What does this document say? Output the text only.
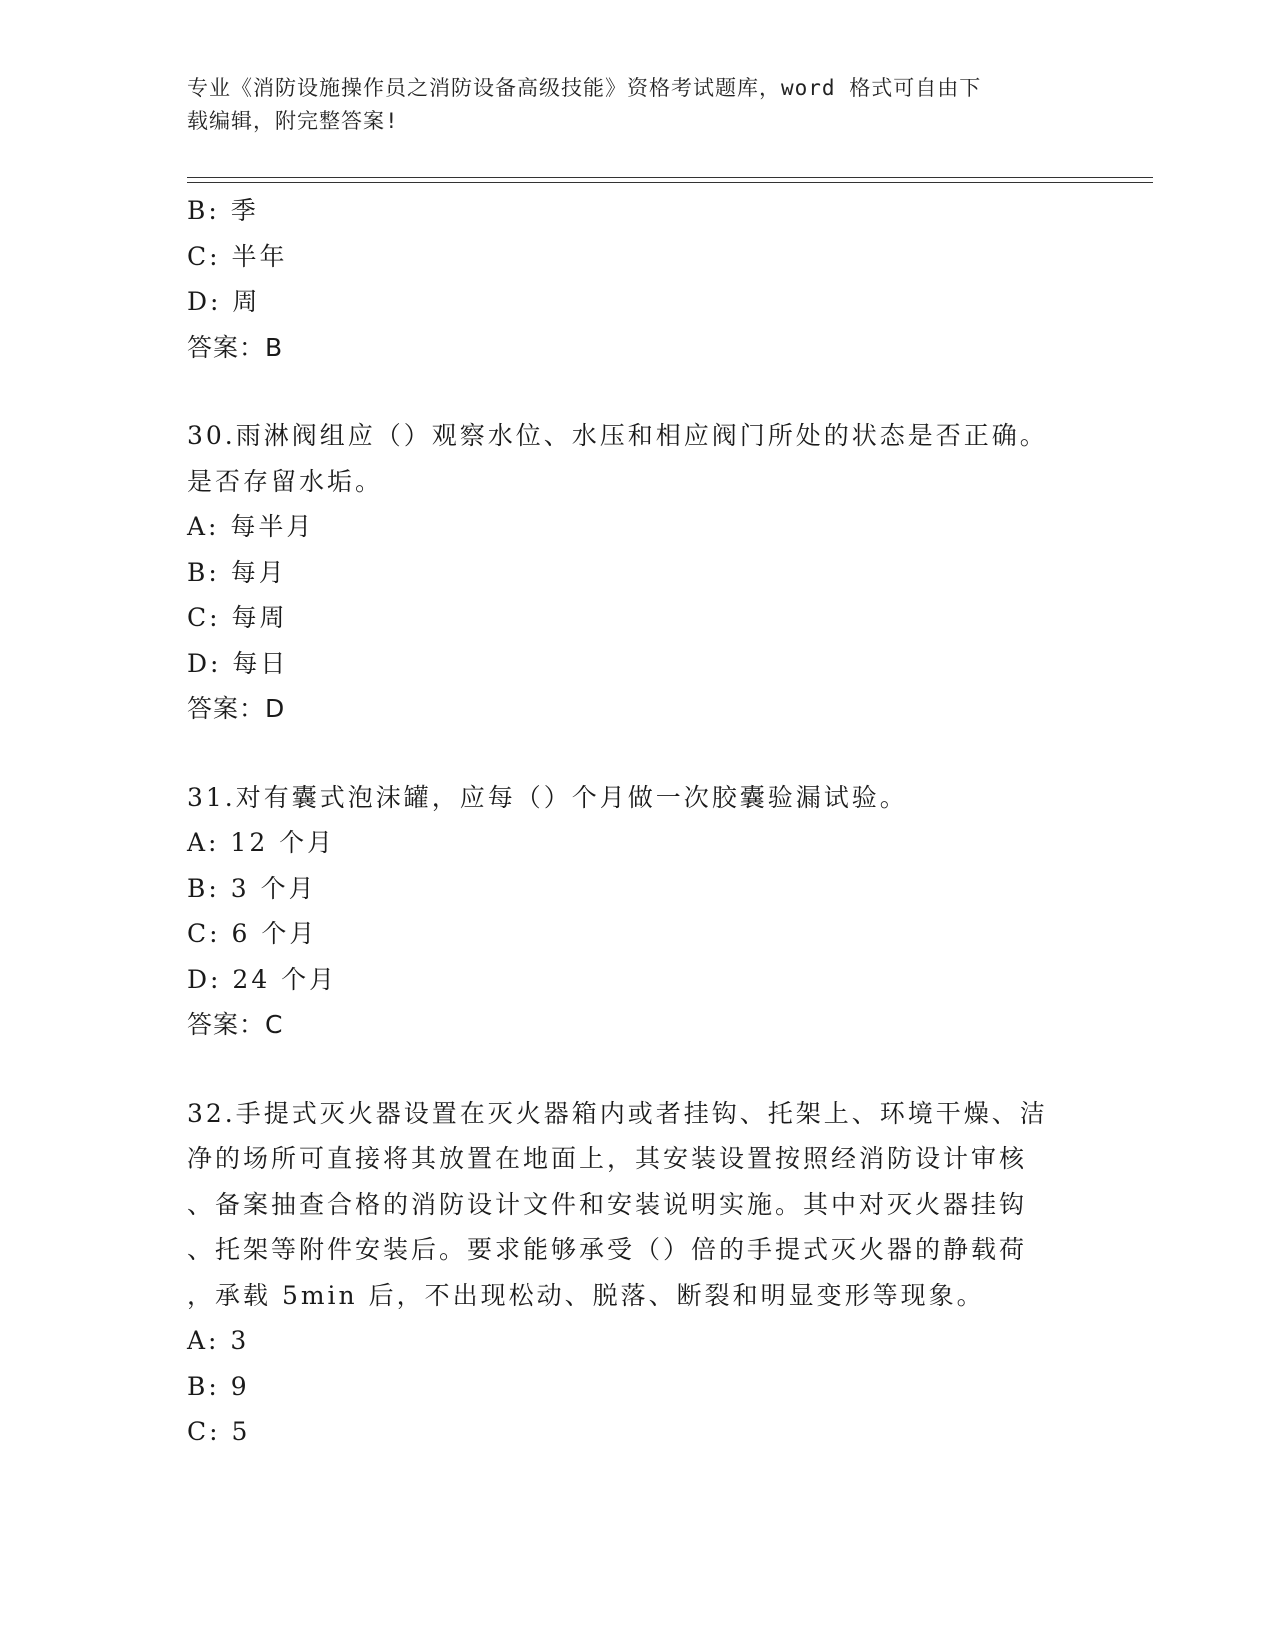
专业《消防设施操作员之消防设备高级技能》资格考试题库，word 格式可自由下
载编辑，附完整答案!
B: 季
C: 半年
D: 周
答案：B
30.雨淋阀组应（）观察水位、水压和相应阀门所处的状态是否正确。
是否存留水垢。
A: 每半月
B: 每月
C: 每周
D: 每日
答案：D
31.对有囊式泡沫罐，应每（）个月做一次胶囊验漏试验。
A: 12 个月
B: 3 个月
C: 6 个月
D: 24 个月
答案：C
32.手提式灭火器设置在灭火器箱内或者挂钩、托架上、环境干燥、洁
净的场所可直接将其放置在地面上，其安装设置按照经消防设计审核
、备案抽查合格的消防设计文件和安装说明实施。其中对灭火器挂钩
、托架等附件安装后。要求能够承受（）倍的手提式灭火器的静载荷
，承载 5min 后，不出现松动、脱落、断裂和明显变形等现象。
A: 3
B: 9
C: 5
